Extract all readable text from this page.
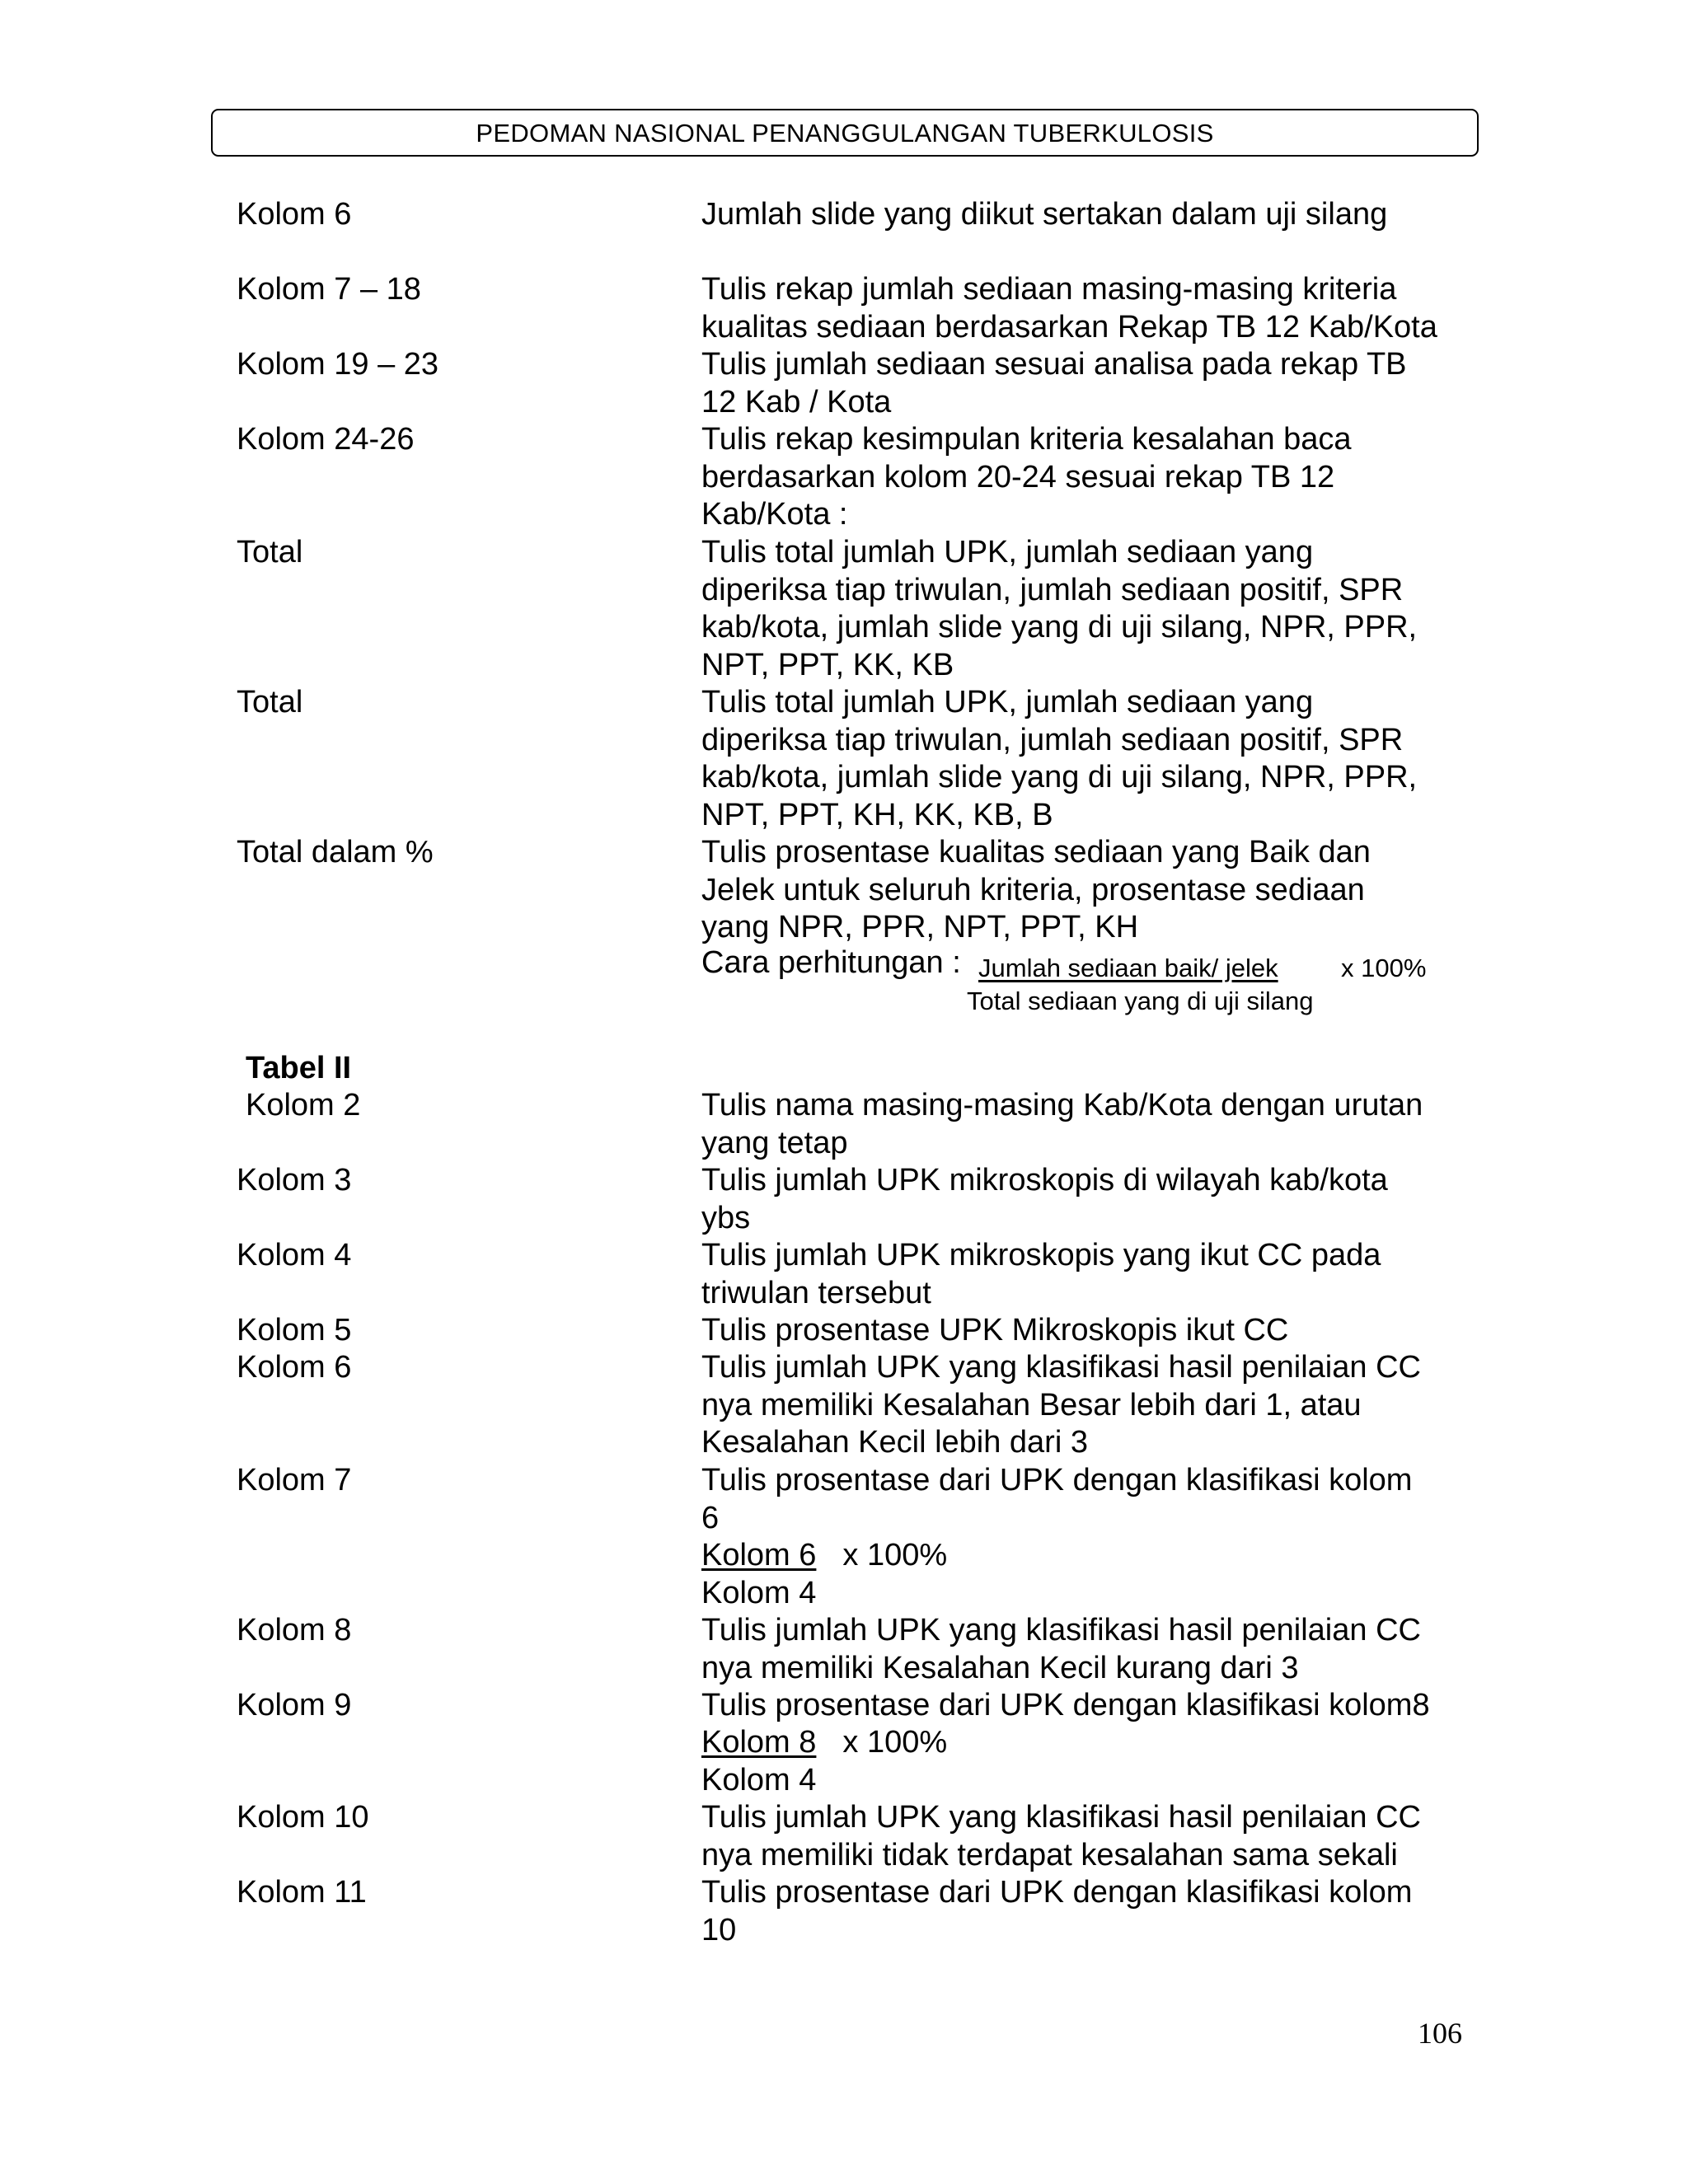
PEDOMAN NASIONAL PENANGGULANGAN TUBERKULOSIS
Kolom 6	Jumlah slide yang diikut sertakan dalam uji silang
Kolom 7 – 18	Tulis rekap jumlah sediaan masing-masing kriteria
kualitas sediaan berdasarkan Rekap TB 12 Kab/Kota
Kolom 19 – 23	Tulis jumlah sediaan sesuai analisa pada rekap TB
12 Kab / Kota
Kolom 24-26	Tulis rekap kesimpulan kriteria kesalahan baca
berdasarkan kolom 20-24 sesuai rekap TB 12
Kab/Kota :
Total	Tulis total jumlah UPK, jumlah sediaan yang
diperiksa tiap triwulan, jumlah sediaan positif, SPR
kab/kota, jumlah slide yang di uji silang, NPR, PPR,
NPT, PPT, KK, KB
Total	Tulis total jumlah UPK, jumlah sediaan yang
diperiksa tiap triwulan, jumlah sediaan positif, SPR
kab/kota, jumlah slide yang di uji silang, NPR, PPR,
NPT, PPT, KH, KK, KB, B
Total dalam %	Tulis prosentase kualitas sediaan yang Baik dan
Jelek untuk seluruh kriteria, prosentase sediaan
yang NPR, PPR, NPT, PPT, KH
Cara perhitungan : Jumlah sediaan baik/ jelek x 100%
Total sediaan yang di uji silang
Tabel II
Kolom 2	Tulis nama masing-masing Kab/Kota dengan urutan
yang tetap
Kolom 3	Tulis jumlah UPK mikroskopis di wilayah kab/kota
ybs
Kolom 4	Tulis jumlah UPK mikroskopis yang ikut CC pada
triwulan tersebut
Kolom 5	Tulis prosentase UPK Mikroskopis ikut CC
Kolom 6	Tulis jumlah UPK yang klasifikasi hasil penilaian CC
nya memiliki Kesalahan Besar lebih dari 1, atau
Kesalahan Kecil lebih dari 3
Kolom 7	Tulis prosentase dari UPK dengan klasifikasi kolom
6
Kolom 6 x 100%
Kolom 4
Kolom 8	Tulis jumlah UPK yang klasifikasi hasil penilaian CC
nya memiliki Kesalahan Kecil kurang dari 3
Kolom 9	Tulis prosentase dari UPK dengan klasifikasi kolom8
Kolom 8 x 100%
Kolom 4
Kolom 10	Tulis jumlah UPK yang klasifikasi hasil penilaian CC
nya memiliki tidak terdapat kesalahan sama sekali
Kolom 11	Tulis prosentase dari UPK dengan klasifikasi kolom
10
106
